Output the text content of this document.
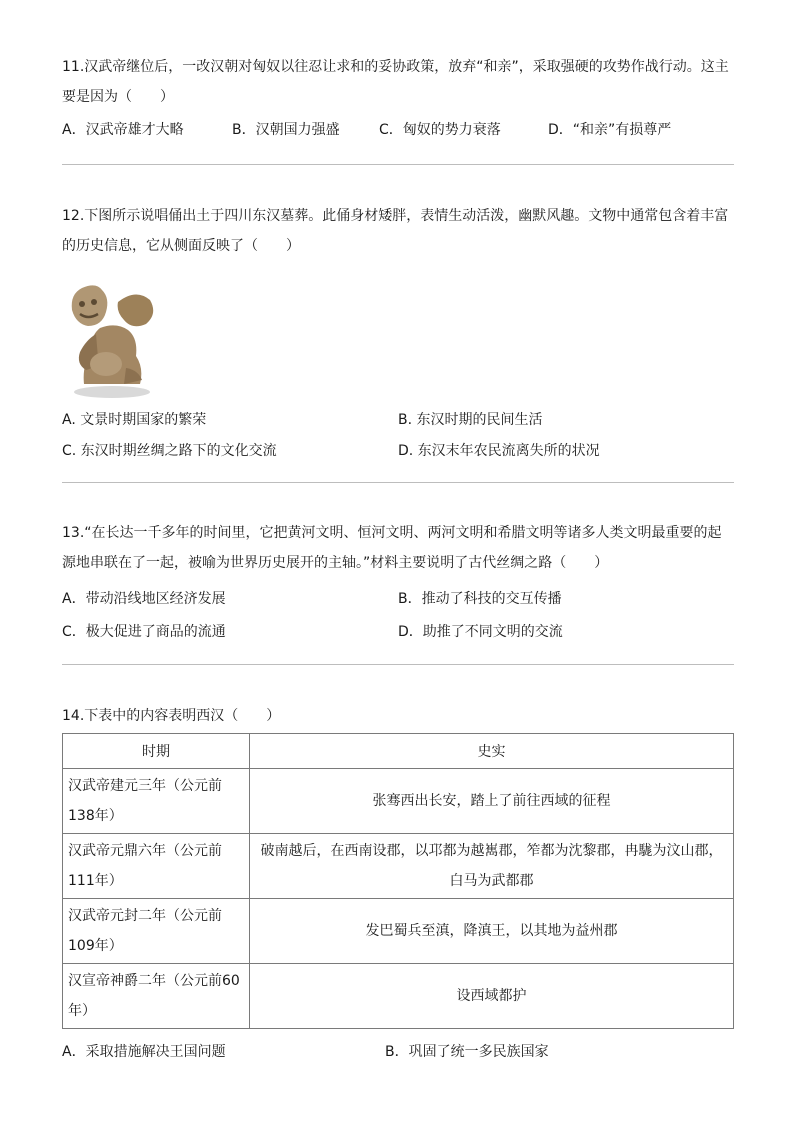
11.汉武帝继位后，一改汉朝对匈奴以往忍让求和的妥协政策，放弃“和亲”，采取强硬的攻势作战行动。这主要是因为（　　）

A．汉武帝雄才大略	B．汉朝国力强盛	C．匈奴的势力衰落	D．“和亲”有损尊严

12.下图所示说唱俑出土于四川东汉墓葬。此俑身材矮胖，表情生动活泼，幽默风趣。文物中通常包含着丰富的历史信息，它从侧面反映了（　　）

A. 文景时期国家的繁荣	B. 东汉时期的民间生活
C. 东汉时期丝绸之路下的文化交流	D. 东汉末年农民流离失所的状况

13.“在长达一千多年的时间里，它把黄河文明、恒河文明、两河文明和希腊文明等诸多人类文明最重要的起源地串联在了一起，被喻为世界历史展开的主轴。”材料主要说明了古代丝绸之路（　　）

A．带动沿线地区经济发展	B．推动了科技的交互传播
C．极大促进了商品的流通	D．助推了不同文明的交流

14.下表中的内容表明西汉（　　）

时期	史实
汉武帝建元三年（公元前138年）	张骞西出长安，踏上了前往西域的征程
汉武帝元鼎六年（公元前111年）	破南越后，在西南设郡，以邛都为越嶲郡，笮都为沈黎郡，冉駹为汶山郡，白马为武都郡
汉武帝元封二年（公元前109年）	发巴蜀兵至滇，降滇王，以其地为益州郡
汉宣帝神爵二年（公元前60年）	设西域都护
A．采取措施解决王国问题	B．巩固了统一多民族国家
